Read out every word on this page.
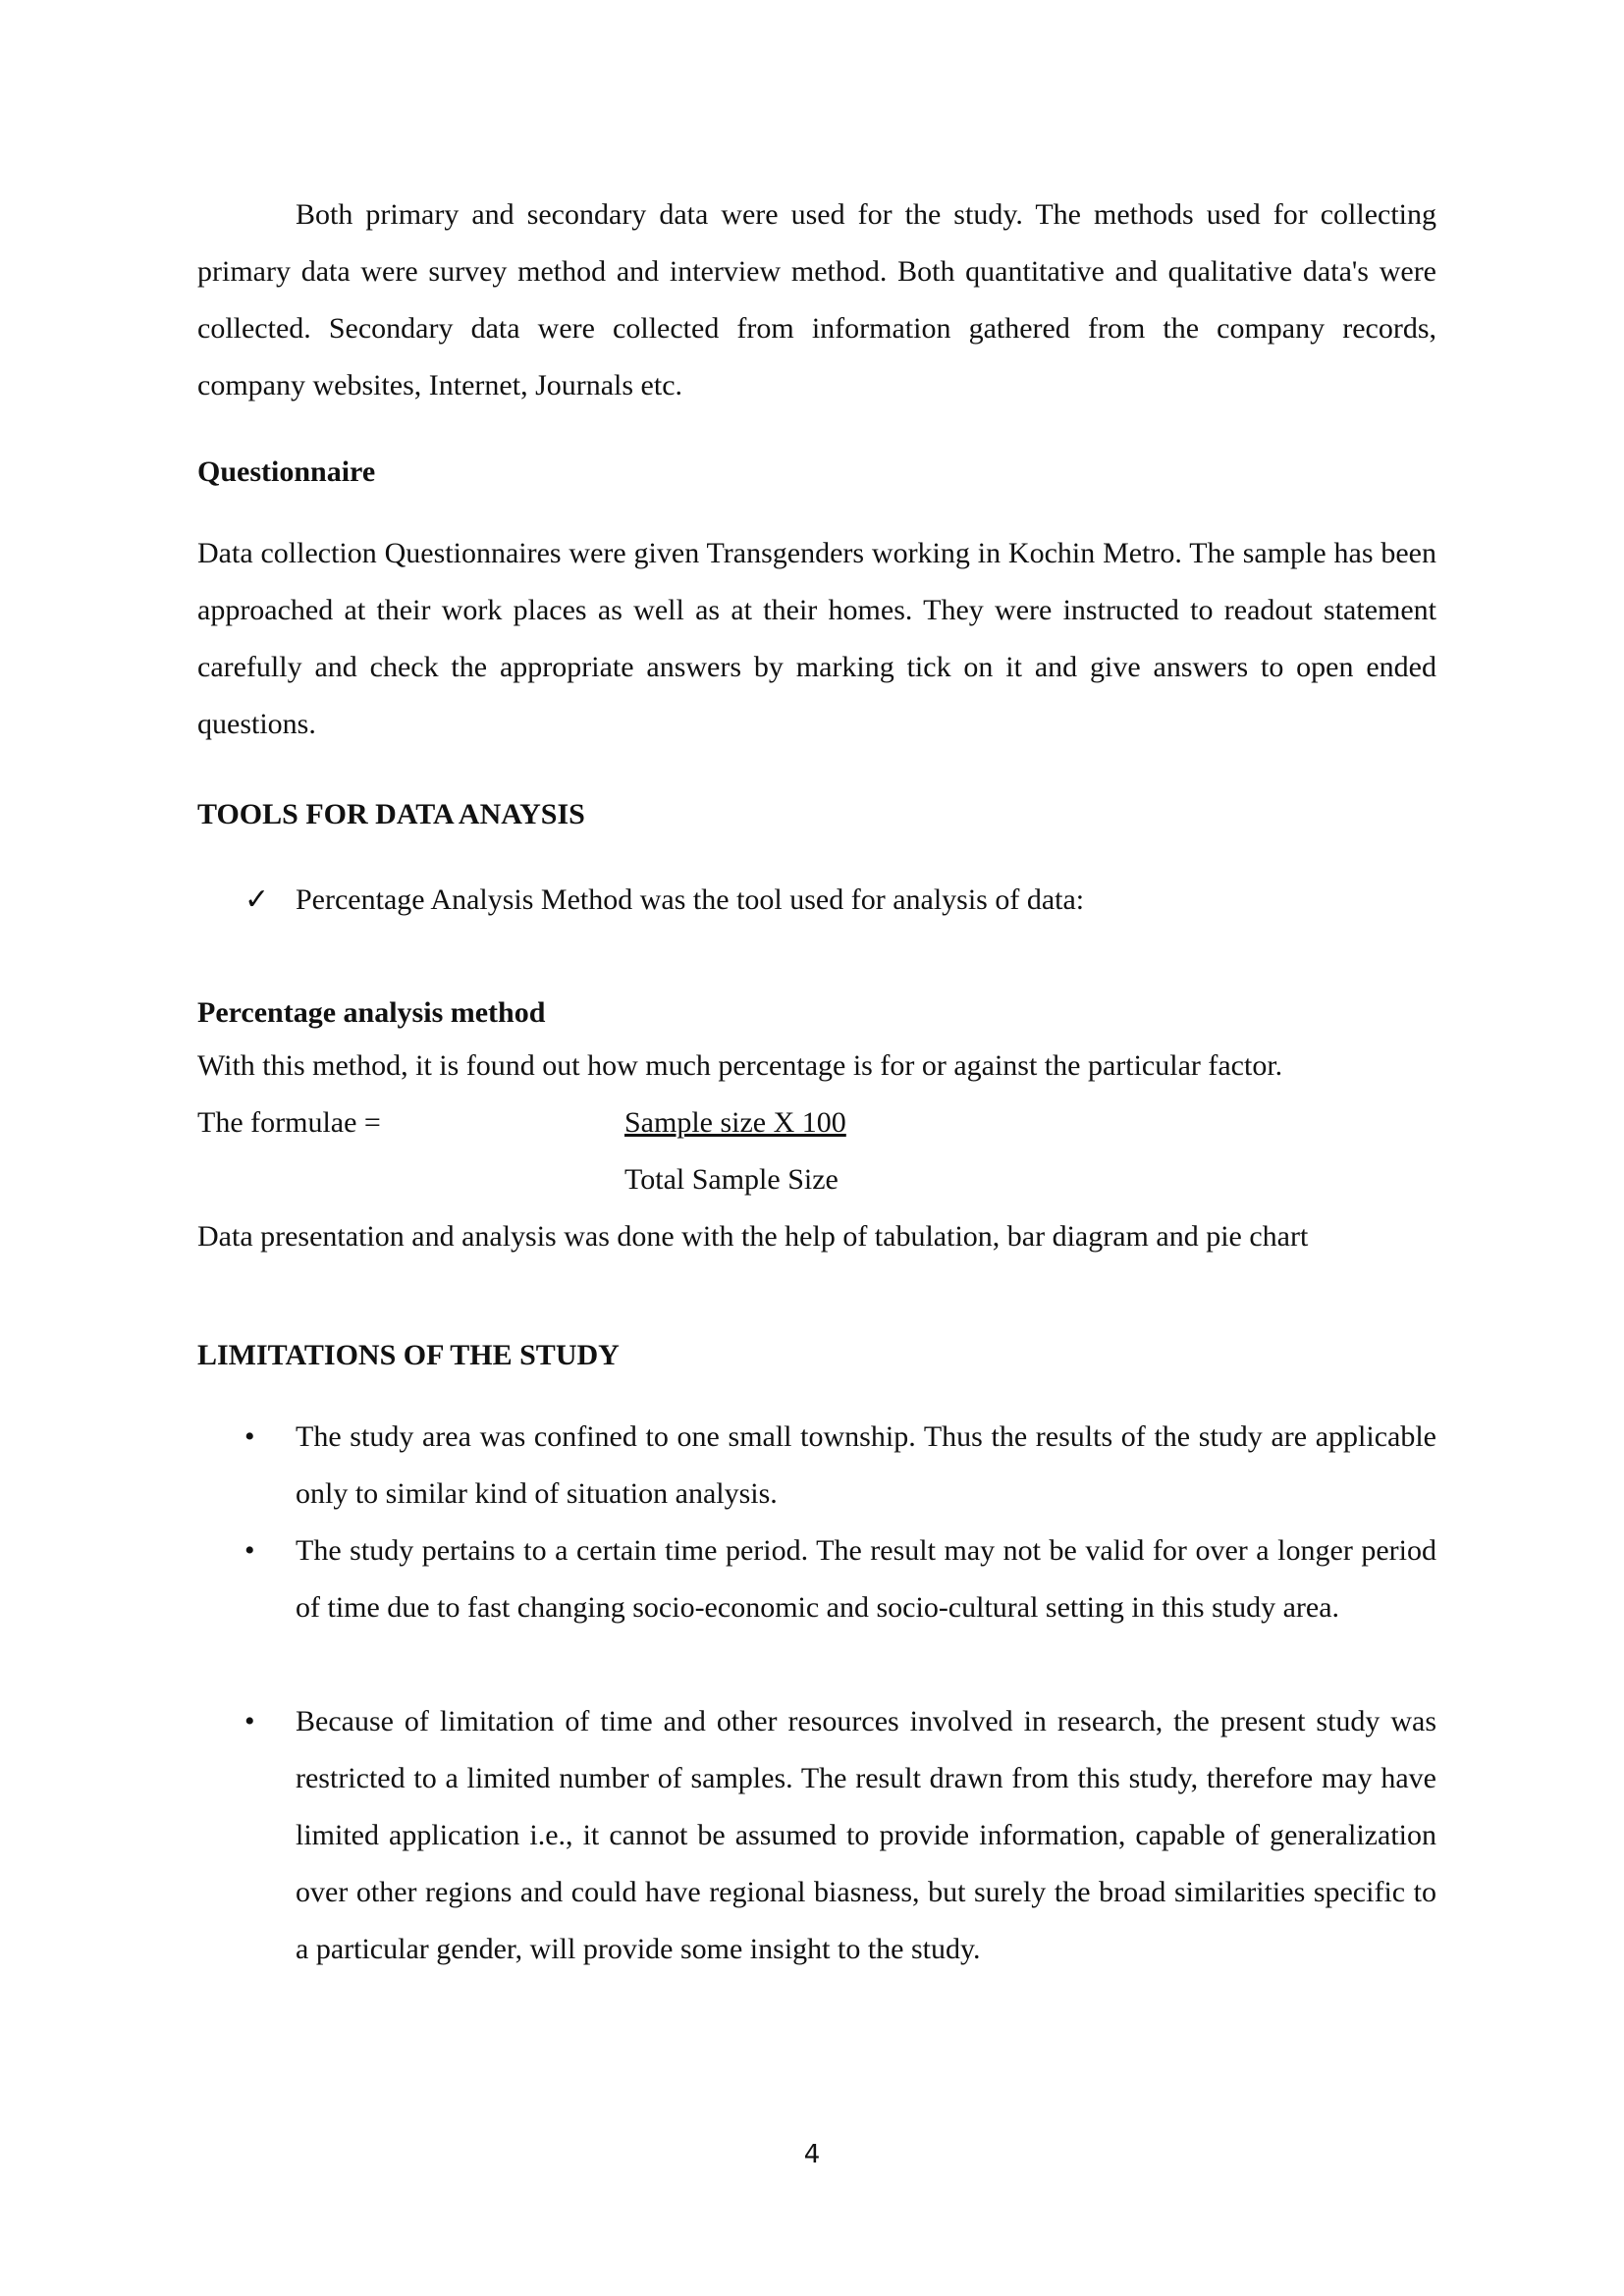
Both primary and secondary data were used for the study. The methods used for collecting primary data were survey method and interview method. Both quantitative and qualitative data's were collected. Secondary data were collected from information gathered from the company records, company websites, Internet, Journals etc.

Questionnaire

Data collection Questionnaires were given Transgenders working in Kochin Metro. The sample has been approached at their work places as well as at their homes. They were instructed to readout statement carefully and check the appropriate answers by marking tick on it and give answers to open ended questions.

TOOLS FOR DATA ANAYSIS

✓ Percentage Analysis Method was the tool used for analysis of data:

Percentage analysis method

With this method, it is found out how much percentage is for or against the particular factor.

The formulae =	Sample size X 100
Total Sample Size

Data presentation and analysis was done with the help of tabulation, bar diagram and pie chart

LIMITATIONS OF THE STUDY

• The study area was confined to one small township. Thus the results of the study are applicable only to similar kind of situation analysis.
• The study pertains to a certain time period. The result may not be valid for over a longer period of time due to fast changing socio-economic and socio-cultural setting in this study area.
• Because of limitation of time and other resources involved in research, the present study was restricted to a limited number of samples. The result drawn from this study, therefore may have limited application i.e., it cannot be assumed to provide information, capable of generalization over other regions and could have regional biasness, but surely the broad similarities specific to a particular gender, will provide some insight to the study.
4
